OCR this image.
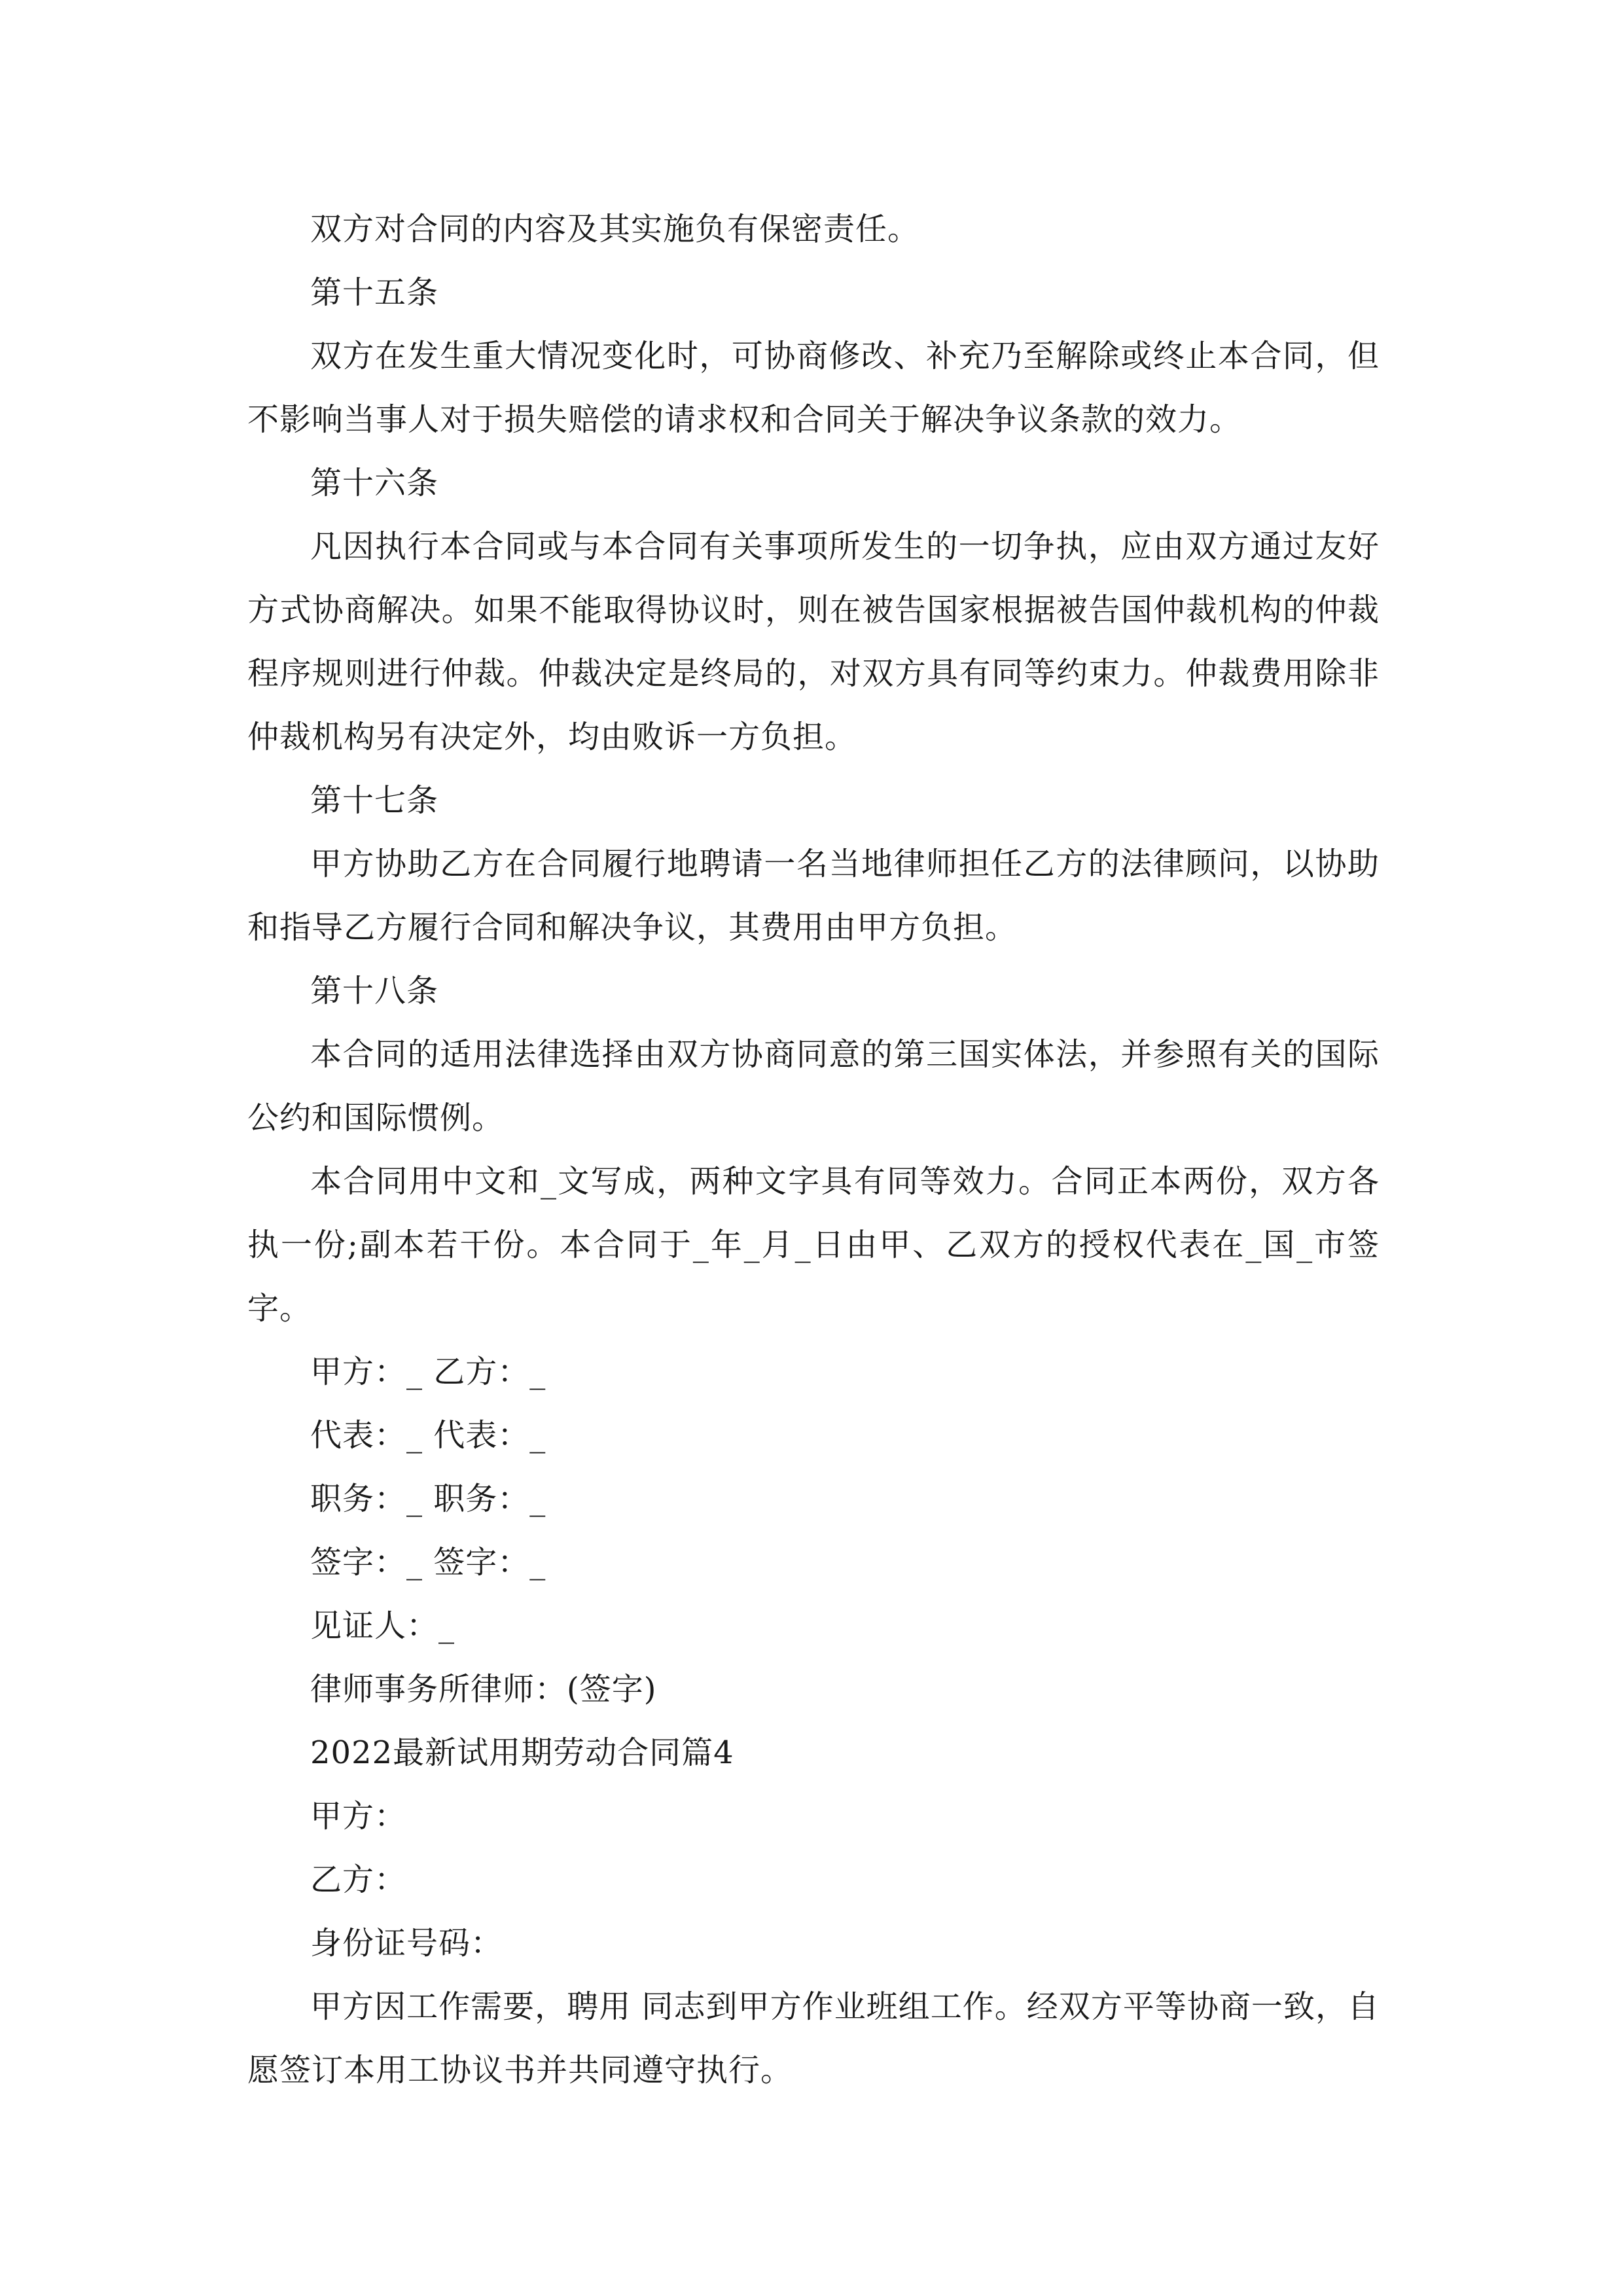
双方对合同的内容及其实施负有保密责任。

第十五条

双方在发生重大情况变化时，可协商修改、补充乃至解除或终止本合同，但不影响当事人对于损失赔偿的请求权和合同关于解决争议条款的效力。

第十六条

凡因执行本合同或与本合同有关事项所发生的一切争执，应由双方通过友好方式协商解决。如果不能取得协议时，则在被告国家根据被告国仲裁机构的仲裁程序规则进行仲裁。仲裁决定是终局的，对双方具有同等约束力。仲裁费用除非仲裁机构另有决定外，均由败诉一方负担。

第十七条

甲方协助乙方在合同履行地聘请一名当地律师担任乙方的法律顾问，以协助和指导乙方履行合同和解决争议，其费用由甲方负担。

第十八条

本合同的适用法律选择由双方协商同意的第三国实体法，并参照有关的国际公约和国际惯例。

本合同用中文和_文写成，两种文字具有同等效力。合同正本两份，双方各执一份;副本若干份。本合同于_年_月_日由甲、乙双方的授权代表在_国_市签字。

甲方：_ 乙方：_

代表：_ 代表：_

职务：_ 职务：_

签字：_ 签字：_

见证人：_

律师事务所律师：(签字)

2022最新试用期劳动合同篇4

甲方：

乙方：

身份证号码：

甲方因工作需要，聘用 同志到甲方作业班组工作。经双方平等协商一致，自愿签订本用工协议书并共同遵守执行。
